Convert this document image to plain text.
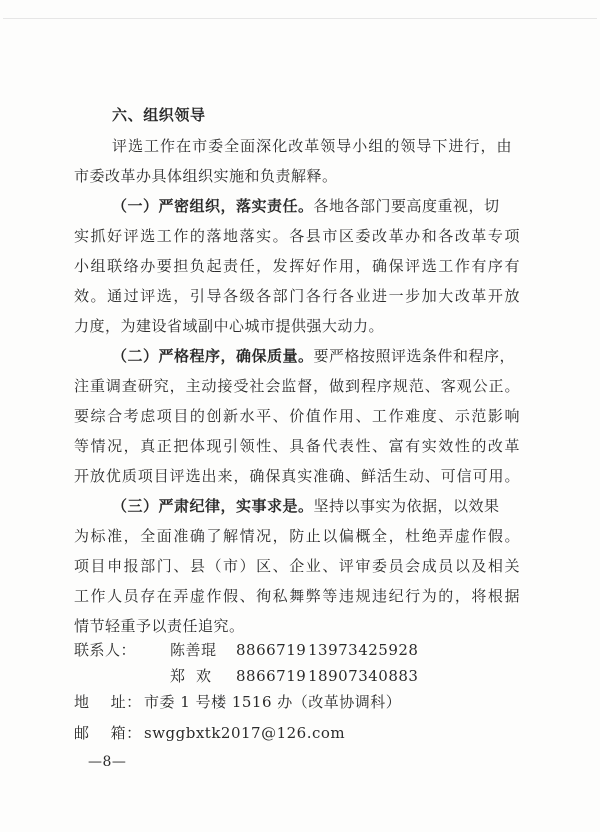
六、组织领导
评选工作在市委全面深化改革领导小组的领导下进行，由
市委改革办具体组织实施和负责解释。
（一）严密组织，落实责任。各地各部门要高度重视，切
实抓好评选工作的落地落实。各县市区委改革办和各改革专项
小组联络办要担负起责任，发挥好作用，确保评选工作有序有
效。通过评选，引导各级各部门各行各业进一步加大改革开放
力度，为建设省域副中心城市提供强大动力。
（二）严格程序，确保质量。要严格按照评选条件和程序，
注重调查研究，主动接受社会监督，做到程序规范、客观公正。
要综合考虑项目的创新水平、价值作用、工作难度、示范影响
等情况，真正把体现引领性、具备代表性、富有实效性的改革
开放优质项目评选出来，确保真实准确、鲜活生动、可信可用。
（三）严肃纪律，实事求是。坚持以事实为依据，以效果
为标准，全面准确了解情况，防止以偏概全，杜绝弄虚作假。
项目申报部门、县（市）区、企业、评审委员会成员以及相关
工作人员存在弄虚作假、徇私舞弊等违规违纪行为的，将根据
情节轻重予以责任追究。
联系人： 陈善琨 8866719 13973425928
郑  欢 8866719 18907340883
地    址： 市委 1 号楼 1516 办（改革协调科）
邮    箱： swggbxtk2017@126.com
—8—
